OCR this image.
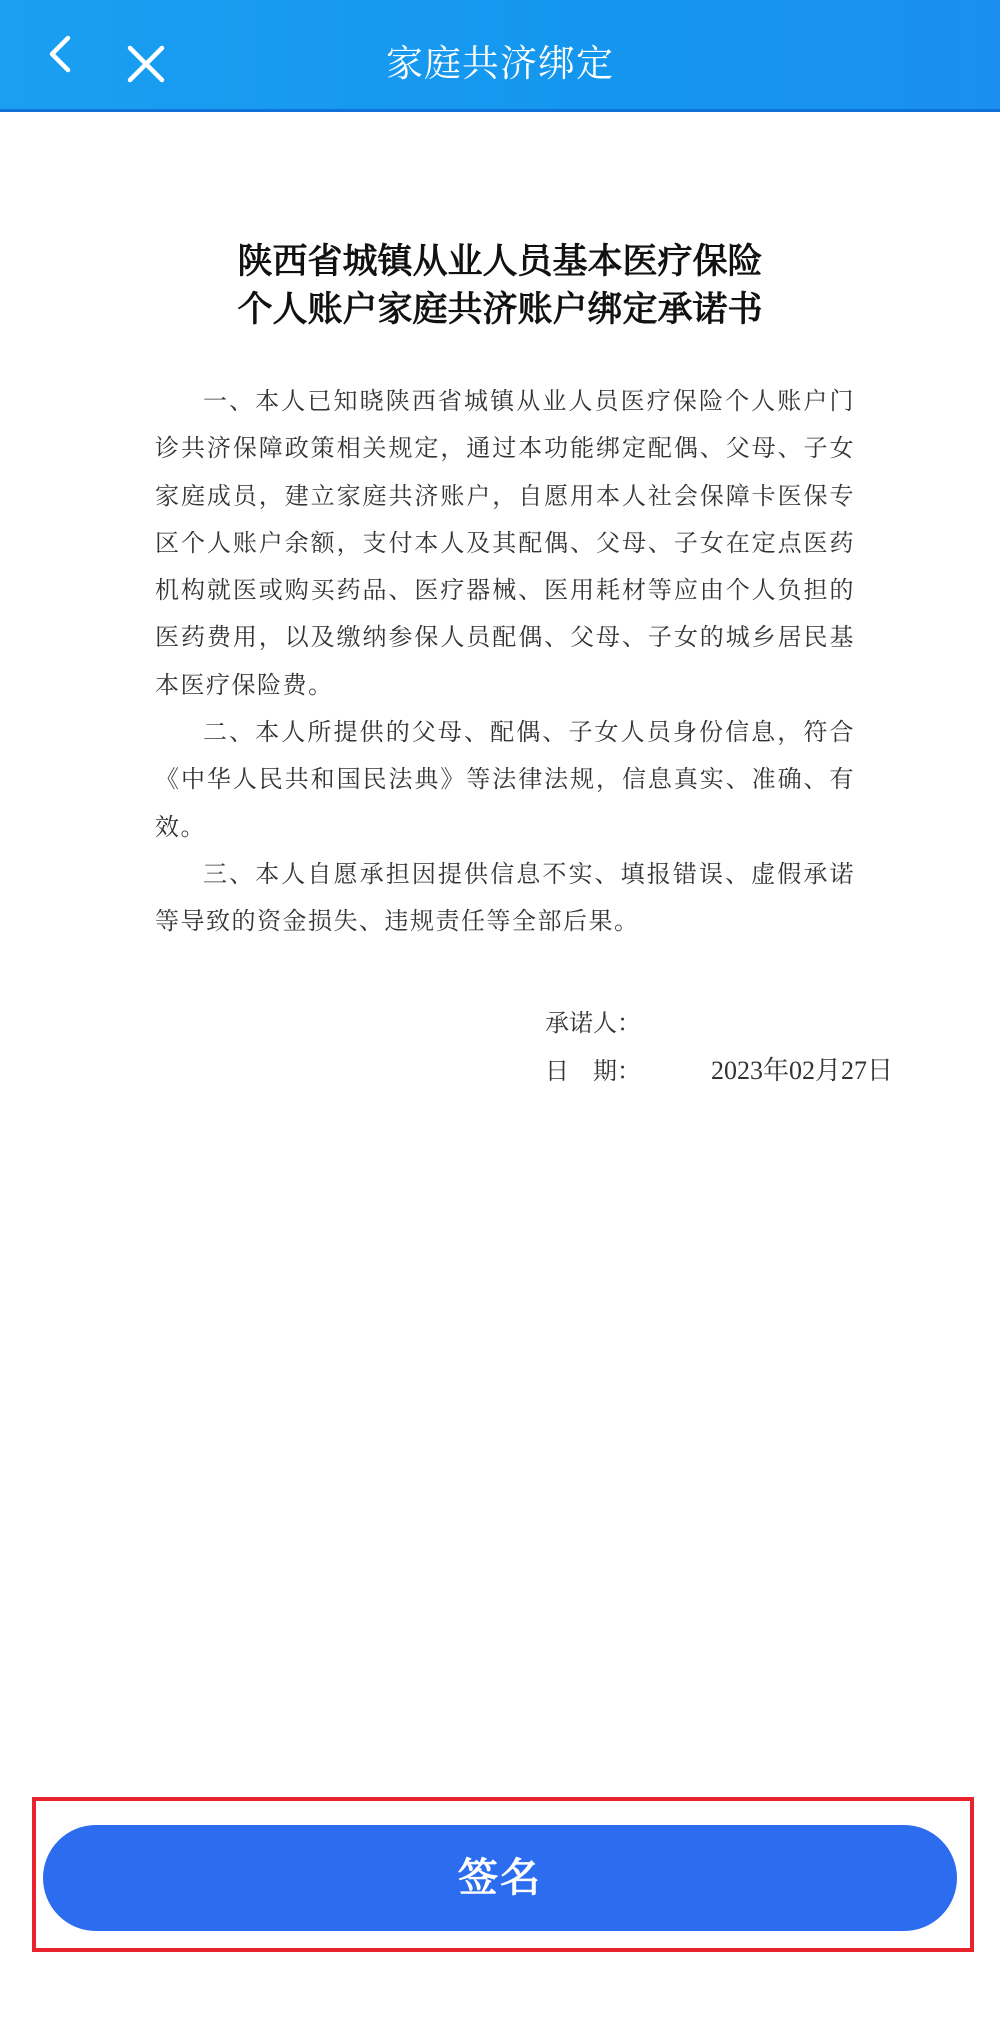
家庭共济绑定
陕西省城镇从业人员基本医疗保险
个人账户家庭共济账户绑定承诺书

一、本人已知晓陕西省城镇从业人员医疗保险个人账户门诊共济保障政策相关规定，通过本功能绑定配偶、父母、子女家庭成员，建立家庭共济账户，自愿用本人社会保障卡医保专区个人账户余额，支付本人及其配偶、父母、子女在定点医药机构就医或购买药品、医疗器械、医用耗材等应由个人负担的医药费用，以及缴纳参保人员配偶、父母、子女的城乡居民基本医疗保险费。

二、本人所提供的父母、配偶、子女人员身份信息，符合《中华人民共和国民法典》等法律法规，信息真实、准确、有效。

三、本人自愿承担因提供信息不实、填报错误、虚假承诺等导致的资金损失、违规责任等全部后果。

承诺人：
日　期：	2023年02月27日
签名
